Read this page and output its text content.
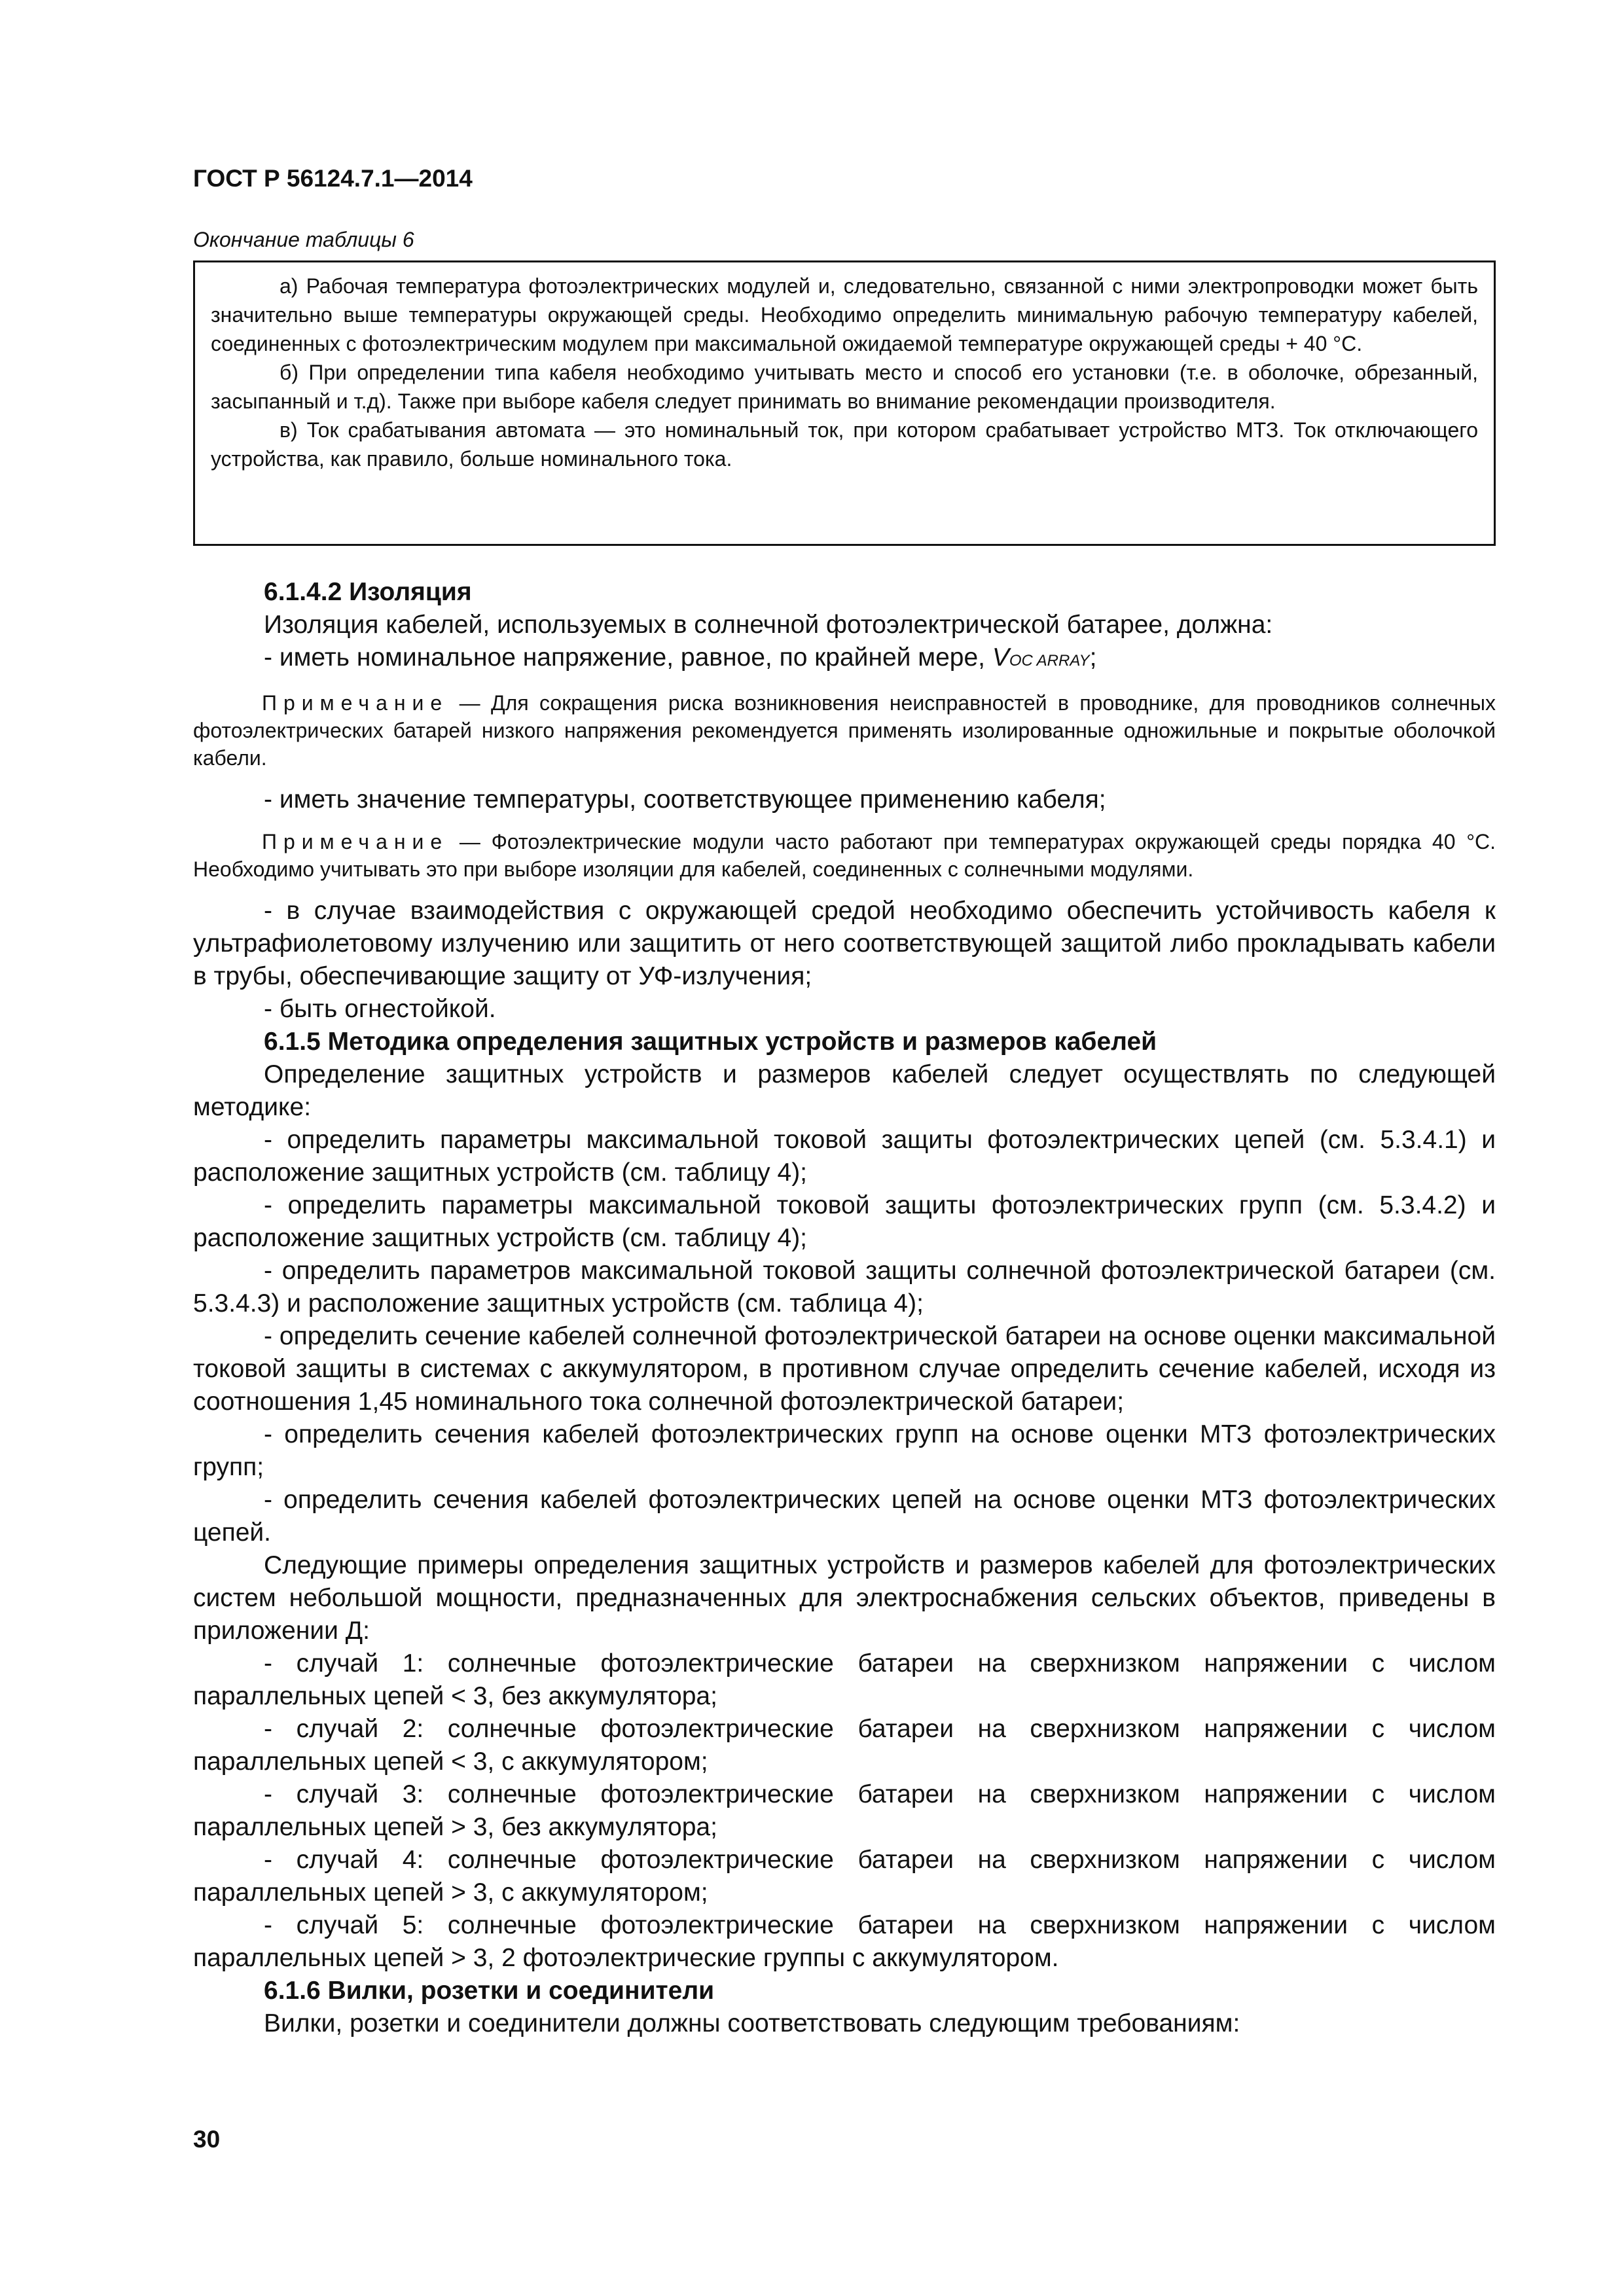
ГОСТ Р 56124.7.1—2014
Окончание таблицы 6

а) Рабочая температура фотоэлектрических модулей и, следовательно, связанной с ними электропроводки может быть значительно выше температуры окружающей среды. Необходимо определить минимальную рабочую температуру кабелей, соединенных с фотоэлектрическим модулем при максимальной ожидаемой температуре окружающей среды + 40 °С.

б) При определении типа кабеля необходимо учитывать место и способ его установки (т.е. в оболочке, обрезанный, засыпанный и т.д). Также при выборе кабеля следует принимать во внимание рекомендации производителя.

в) Ток срабатывания автомата — это номинальный ток, при котором срабатывает устройство МТЗ. Ток отключающего устройства, как правило, больше номинального тока.

6.1.4.2 Изоляция

Изоляция кабелей, используемых в солнечной фотоэлектрической батарее, должна:

- иметь номинальное напряжение, равное, по крайней мере, VOC ARRAY;

Примечание — Для сокращения риска возникновения неисправностей в проводнике, для проводников солнечных фотоэлектрических батарей низкого напряжения рекомендуется применять изолированные одножильные и покрытые оболочкой кабели.

- иметь значение температуры, соответствующее применению кабеля;

Примечание — Фотоэлектрические модули часто работают при температурах окружающей среды порядка 40 °С. Необходимо учитывать это при выборе изоляции для кабелей, соединенных с солнечными модулями.

- в случае взаимодействия с окружающей средой необходимо обеспечить устойчивость кабеля к ультрафиолетовому излучению или защитить от него соответствующей защитой либо прокладывать кабели в трубы, обеспечивающие защиту от УФ-излучения;

- быть огнестойкой.

6.1.5 Методика определения защитных устройств и размеров кабелей

Определение защитных устройств и размеров кабелей следует осуществлять по следующей методике:

- определить параметры максимальной токовой защиты фотоэлектрических цепей (см. 5.3.4.1) и расположение защитных устройств (см. таблицу 4);

- определить параметры максимальной токовой защиты фотоэлектрических групп (см. 5.3.4.2) и расположение защитных устройств (см. таблицу 4);

- определить параметров максимальной токовой защиты солнечной фотоэлектрической батареи (см. 5.3.4.3) и расположение защитных устройств (см. таблица 4);

- определить сечение кабелей солнечной фотоэлектрической батареи на основе оценки максимальной токовой защиты в системах с аккумулятором, в противном случае определить сечение кабелей, исходя из соотношения 1,45 номинального тока солнечной фотоэлектрической батареи;

- определить сечения кабелей фотоэлектрических групп на основе оценки МТЗ фотоэлектрических групп;

- определить сечения кабелей фотоэлектрических цепей на основе оценки МТЗ фотоэлектрических цепей.

Следующие примеры определения защитных устройств и размеров кабелей для фотоэлектрических систем небольшой мощности, предназначенных для электроснабжения сельских объектов, приведены в приложении Д:

- случай 1: солнечные фотоэлектрические батареи на сверхнизком напряжении с числом параллельных цепей < 3, без аккумулятора;

- случай 2: солнечные фотоэлектрические батареи на сверхнизком напряжении с числом параллельных цепей < 3, с аккумулятором;

- случай 3: солнечные фотоэлектрические батареи на сверхнизком напряжении с числом параллельных цепей > 3, без аккумулятора;

- случай 4: солнечные фотоэлектрические батареи на сверхнизком напряжении с числом параллельных цепей > 3, с аккумулятором;

- случай 5: солнечные фотоэлектрические батареи на сверхнизком напряжении с числом параллельных цепей > 3, 2 фотоэлектрические группы с аккумулятором.

6.1.6 Вилки, розетки и соединители

Вилки, розетки и соединители должны соответствовать следующим требованиям:

30
